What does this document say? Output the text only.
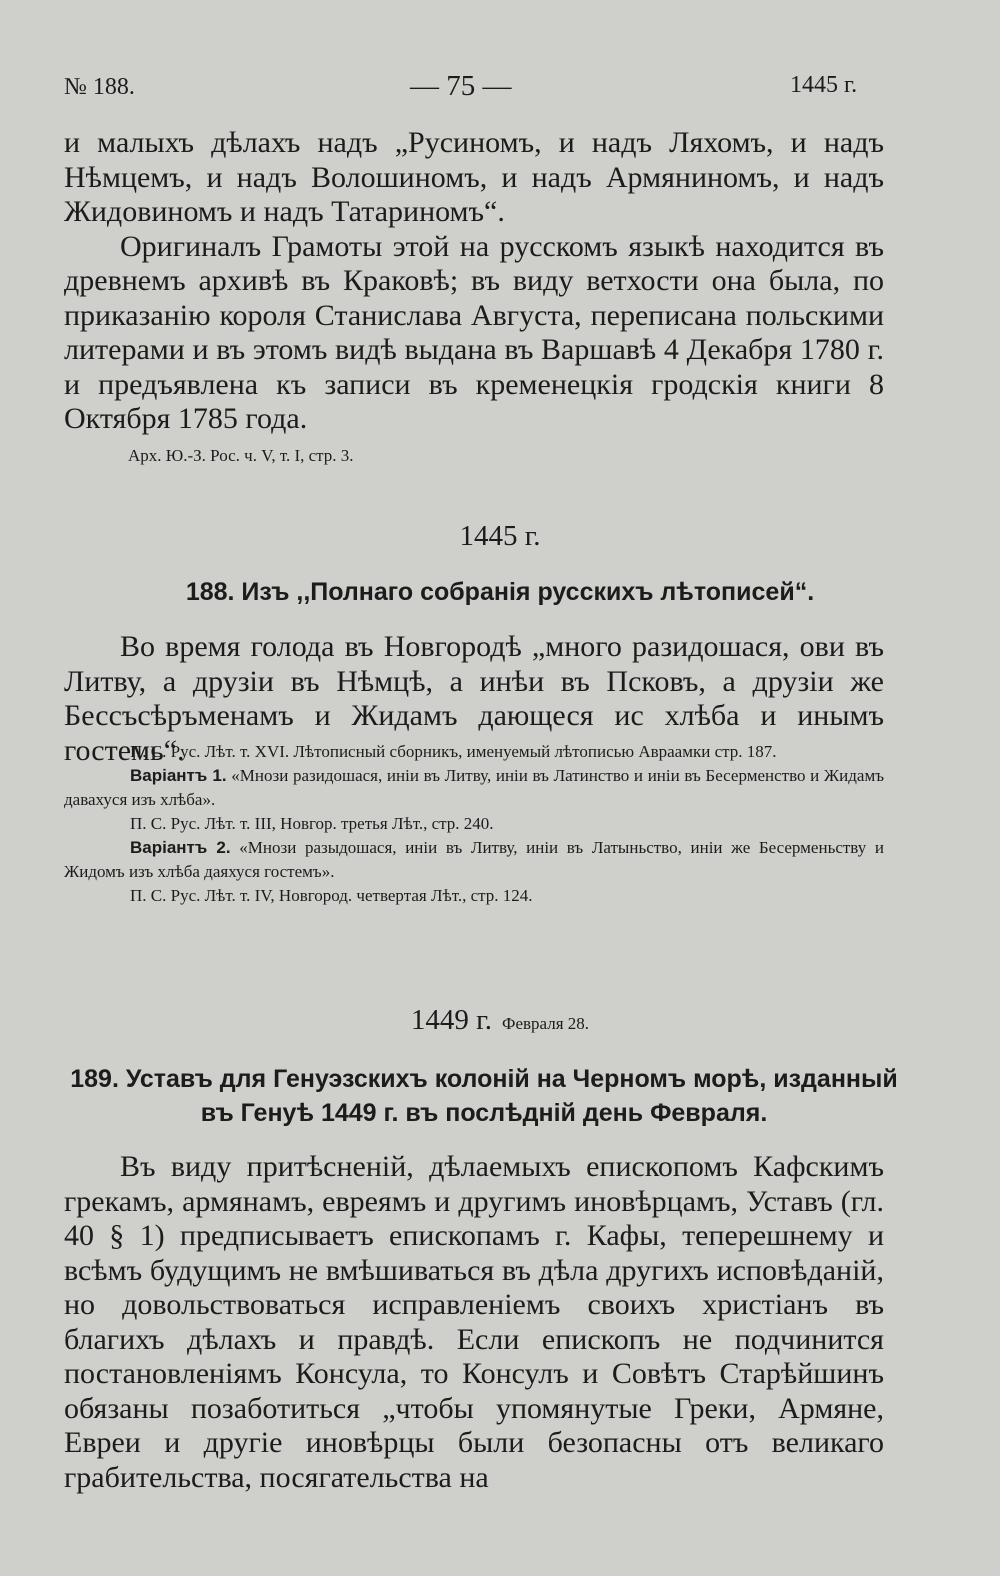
№ 188.	— 75 —	1445 г.

и малыхъ дѣлахъ надъ „Русиномъ, и надъ Ляхомъ, и надъ Нѣмцемъ, и надъ Волошиномъ, и надъ Армяниномъ, и надъ Жидовиномъ и надъ Татариномъ“.

Оригиналъ Грамоты этой на русскомъ языкѣ находится въ древнемъ архивѣ въ Краковѣ; въ виду ветхости она была, по приказанію короля Станислава Августа, переписана польскими литерами и въ этомъ видѣ выдана въ Варшавѣ 4 Декабря 1780 г. и предъявлена къ записи въ кременецкія гродскія книги 8 Октября 1785 года.

Арх. Ю.-З. Рос. ч. V, т. I, стр. 3.
1445 г.
188. Изъ ,,Полнаго собранія русскихъ лѣтописей“.

Во время голода въ Новгородѣ „много разидошася, ови въ Литву, а друзіи въ Нѣмцѣ, а инѣи въ Псковъ, а друзіи же Бессъсѣръменамъ и Жидамъ дающеся ис хлѣба и инымъ гостемь“.

П. С. Рус. Лѣт. т. XVI. Лѣтописный сборникъ, именуемый лѣтописью Авраамки стр. 187.

Варіантъ 1. «Мнози разидошася, иніи въ Литву, иніи въ Латинство и иніи въ Бесерменство и Жидамъ давахуся изъ хлѣба».

П. С. Рус. Лѣт. т. III, Новгор. третья Лѣт., стр. 240.

Варіантъ 2. «Мнози разыдошася, иніи въ Литву, иніи въ Латыньство, иніи же Бесерменьству и Жидомъ изъ хлѣба даяхуся гостемъ».

П. С. Рус. Лѣт. т. IV, Новгород. четвертая Лѣт., стр. 124.

1449 г. Февраля 28.
189. Уставъ для Генуэзскихъ колоній на Черномъ морѣ, изданный
въ Генуѣ 1449 г. въ послѣдній день Февраля.

Въ виду притѣсненій, дѣлаемыхъ епископомъ Кафскимъ грекамъ, армянамъ, евреямъ и другимъ иновѣрцамъ, Уставъ (гл. 40 § 1) предписываетъ епископамъ г. Кафы, теперешнему и всѣмъ будущимъ не вмѣшиваться въ дѣла другихъ исповѣданій, но довольствоваться исправленіемъ своихъ христіанъ въ благихъ дѣлахъ и правдѣ. Если епископъ не подчинится постановленіямъ Консула, то Консулъ и Совѣтъ Старѣйшинъ обязаны позаботиться „чтобы упомянутые Греки, Армяне, Евреи и другіе иновѣрцы были безопасны отъ великаго грабительства, посягательства на
